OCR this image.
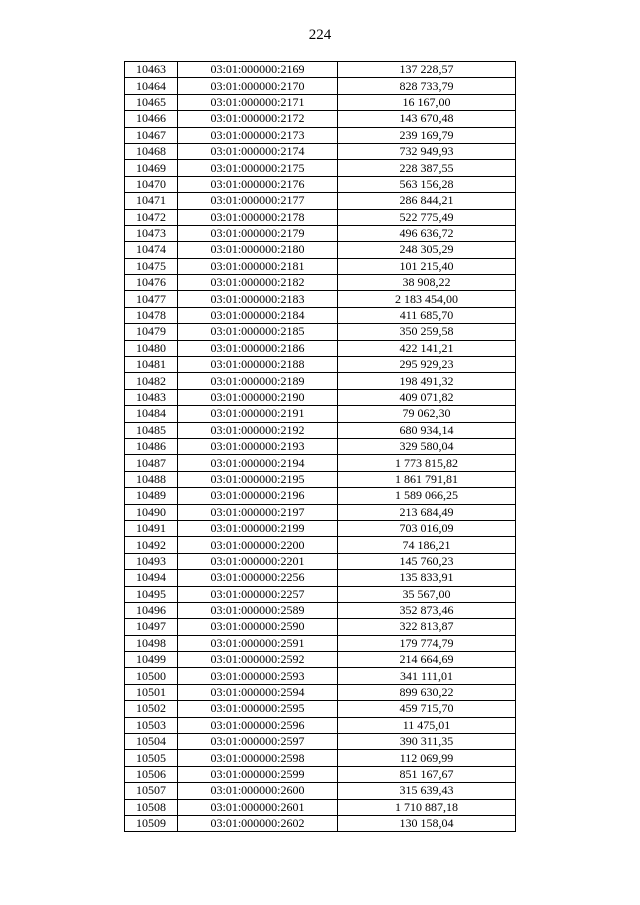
224
10463	03:01:000000:2169	137 228,57
10464	03:01:000000:2170	828 733,79
10465	03:01:000000:2171	16 167,00
10466	03:01:000000:2172	143 670,48
10467	03:01:000000:2173	239 169,79
10468	03:01:000000:2174	732 949,93
10469	03:01:000000:2175	228 387,55
10470	03:01:000000:2176	563 156,28
10471	03:01:000000:2177	286 844,21
10472	03:01:000000:2178	522 775,49
10473	03:01:000000:2179	496 636,72
10474	03:01:000000:2180	248 305,29
10475	03:01:000000:2181	101 215,40
10476	03:01:000000:2182	38 908,22
10477	03:01:000000:2183	2 183 454,00
10478	03:01:000000:2184	411 685,70
10479	03:01:000000:2185	350 259,58
10480	03:01:000000:2186	422 141,21
10481	03:01:000000:2188	295 929,23
10482	03:01:000000:2189	198 491,32
10483	03:01:000000:2190	409 071,82
10484	03:01:000000:2191	79 062,30
10485	03:01:000000:2192	680 934,14
10486	03:01:000000:2193	329 580,04
10487	03:01:000000:2194	1 773 815,82
10488	03:01:000000:2195	1 861 791,81
10489	03:01:000000:2196	1 589 066,25
10490	03:01:000000:2197	213 684,49
10491	03:01:000000:2199	703 016,09
10492	03:01:000000:2200	74 186,21
10493	03:01:000000:2201	145 760,23
10494	03:01:000000:2256	135 833,91
10495	03:01:000000:2257	35 567,00
10496	03:01:000000:2589	352 873,46
10497	03:01:000000:2590	322 813,87
10498	03:01:000000:2591	179 774,79
10499	03:01:000000:2592	214 664,69
10500	03:01:000000:2593	341 111,01
10501	03:01:000000:2594	899 630,22
10502	03:01:000000:2595	459 715,70
10503	03:01:000000:2596	11 475,01
10504	03:01:000000:2597	390 311,35
10505	03:01:000000:2598	112 069,99
10506	03:01:000000:2599	851 167,67
10507	03:01:000000:2600	315 639,43
10508	03:01:000000:2601	1 710 887,18
10509	03:01:000000:2602	130 158,04
